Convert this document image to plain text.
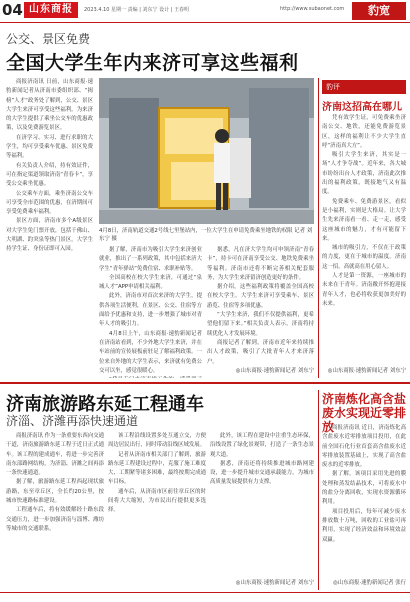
04 山东商报	2023.4.10 星期一 责编 | 刘东宁 设计 | 王春明	http://www.subaonet.com	豹宽
公交、景区免费
全国大学生年内来济可享这些福利

商报济南讯 日前，山东商报·速豹新闻记者从济南市委组织部、“揭榜”人才“政务处了解到，公交、景区大学生来济可享受这些福利。为来济的大学生提供了乘坐公交车的优惠政策，以及免费游览景区。

在济学习、实习、进行求职的大学生，均可享受乘车优惠、景区免费等福利。

有关负责人介绍，持有效证件，可在指定渠道领取济南“青春卡”，享受公交乘坐优惠。

公交乘车方面，乘坐济南公交车可享受全市范围的优惠，在济期间可享受免费乘车福利。

景区方面，济南市多个A级景区对大学生免门票开放，包括千佛山、大明湖、趵突泉等热门景区。大学生持学生证、身份证即可入园。

4月8日，济南轨道交通2号线七里堡站内，一位大学生在申请免费乘坐地铁的权限 记者 刘东宁 摄

据了解，济南市为吸引大学生来济创业就业，推出了一系列政策，其中包括来济大学生“青年驿站”免费住宿、求职补贴等。

全国高校在校大学生来济，可通过“泉城人才”APP申请相关福利。

此外，济南市对首次来济的大学生，提供各项生活便利，在景区、公交、住宿等方面给予优惠和支持，进一步增强了城市对青年人才的吸引力。

4月8日上午，山东商报·速豹新闻记者在济南站看到，不少外地大学生来济，并在车站前的宣传展板前驻足了解福利政策。一位来自外地的大学生表示，来济就有免费公交可以坐，感觉很暖心。

据悉，凡在济大学生均可申领济南“青春卡”，持卡可在济南享受公交、地铁免费乘坐等福利。济南市还将不断完善相关配套服务，为大学生来济留济创造更好的条件。

据介绍，这些福利政策将覆盖全国高校在校大学生。大学生来济可享受乘车、景区游览、住宿等多项优惠。

“大学生来济，我们不仅提供福利，更希望他们留下来。”相关负责人表示，济南将持续优化人才发展环境。

商报记者了解到，济南市近年来持续推出人才政策，吸引了大批青年人才来济落户。

◎山东商报·速豹新闻记者 刘东宁
豹评
济南这招高在哪儿

凭有效学生证，可免费乘坐济南公交、地铁，还能免费游览景区，这样的福利让不少大学生直呼“济南真大方”。

吸引大学生来济，其实是一场“人才争夺战”。近年来，各大城市纷纷出台人才政策，济南此次推出的福利政策，既接地气又有温度。

免费乘车、免费游景区，看似是小福利，实则是大格局。让大学生先来济南看一看、走一走，感受这座城市的魅力，才有可能留下来。

城市的吸引力，不仅在于政策的力度，更在于城市的温度。济南这一招，高就高在用心留人。

人才是第一资源，一座城市的未来在于青年。济南敞开怀抱迎接青年人才，也必将收获更加美好的未来。

◎山东商报·速豹新闻记者 刘东宁
济南旅游路东延工程通车
济淄、济潍再添快速通道

商报济南讯 作为一条重要东西向交通干道，济南旅游路东延工程于近日正式通车。该工程的建成通车，将进一步完善济南东部路网结构，为济淄、济潍之间再添一条快速通道。

据了解，旅游路东延工程西起现状旅游路，东至章丘区，全长约20公里，按城市快速路标准建设。

工程通车后，将有效缓解经十路东段交通压力，进一步加强济南与淄博、潍坊等城市的交通联系。

该工程沿线设置多处互通立交，方便周边居民出行，同时带动沿线区域发展。

记者从济南市相关部门了解到，旅游路东延工程建设过程中，克服了施工难度大、工期紧等诸多困难，最终按期完成通车目标。

通车后，从济南市区前往章丘区的时间将大大缩短，为市民出行提供更多选择。

此外，该工程在建设中注重生态环保，沿线设置了绿化景观带，打造了一条生态景观大道。

据悉，济南还将持续推进城市路网建设，进一步提升城市交通承载能力，为城市高质量发展提供有力支撑。

◎山东商报·速豹新闻记者 刘东宁
济南炼化高含盐废水实现近零排放

商报济南讯 近日，济南炼化高含盐废水近零排放项目投用，在此前全国石化行业首套高含盐废水近零排放装置基础上，实现了高含盐废水的近零排放。

据了解，该项目采用先进的膜处理和蒸发结晶技术，可将废水中的盐分分离回收，实现水资源循环利用。

项目投用后，每年可减少废水排放数十万吨，回收的工业盐可再利用，实现了经济效益和环境效益双赢。

◎山东商报·速豹新闻记者 张行
